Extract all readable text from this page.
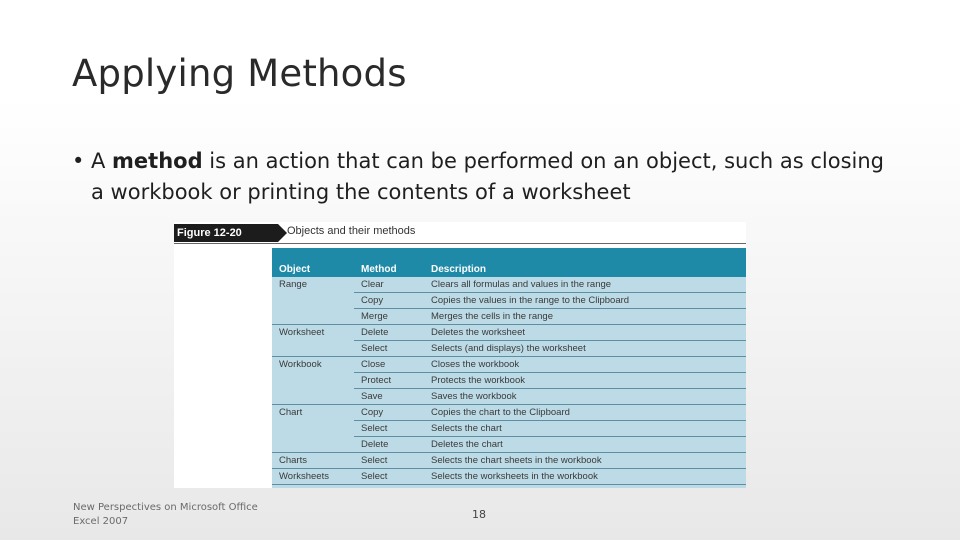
Applying Methods
• A method is an action that can be performed on an object, such as closing a workbook or printing the contents of a worksheet
Figure 12-20	Objects and their methods
Object	Method	Description
Range	Clear	Clears all formulas and values in the range
	Copy	Copies the values in the range to the Clipboard
	Merge	Merges the cells in the range
Worksheet	Delete	Deletes the worksheet
	Select	Selects (and displays) the worksheet
Workbook	Close	Closes the workbook
	Protect	Protects the workbook
	Save	Saves the workbook
Chart	Copy	Copies the chart to the Clipboard
	Select	Selects the chart
	Delete	Deletes the chart
Charts	Select	Selects the chart sheets in the workbook
Worksheets	Select	Selects the worksheets in the workbook
New Perspectives on Microsoft Office
Excel 2007
18
